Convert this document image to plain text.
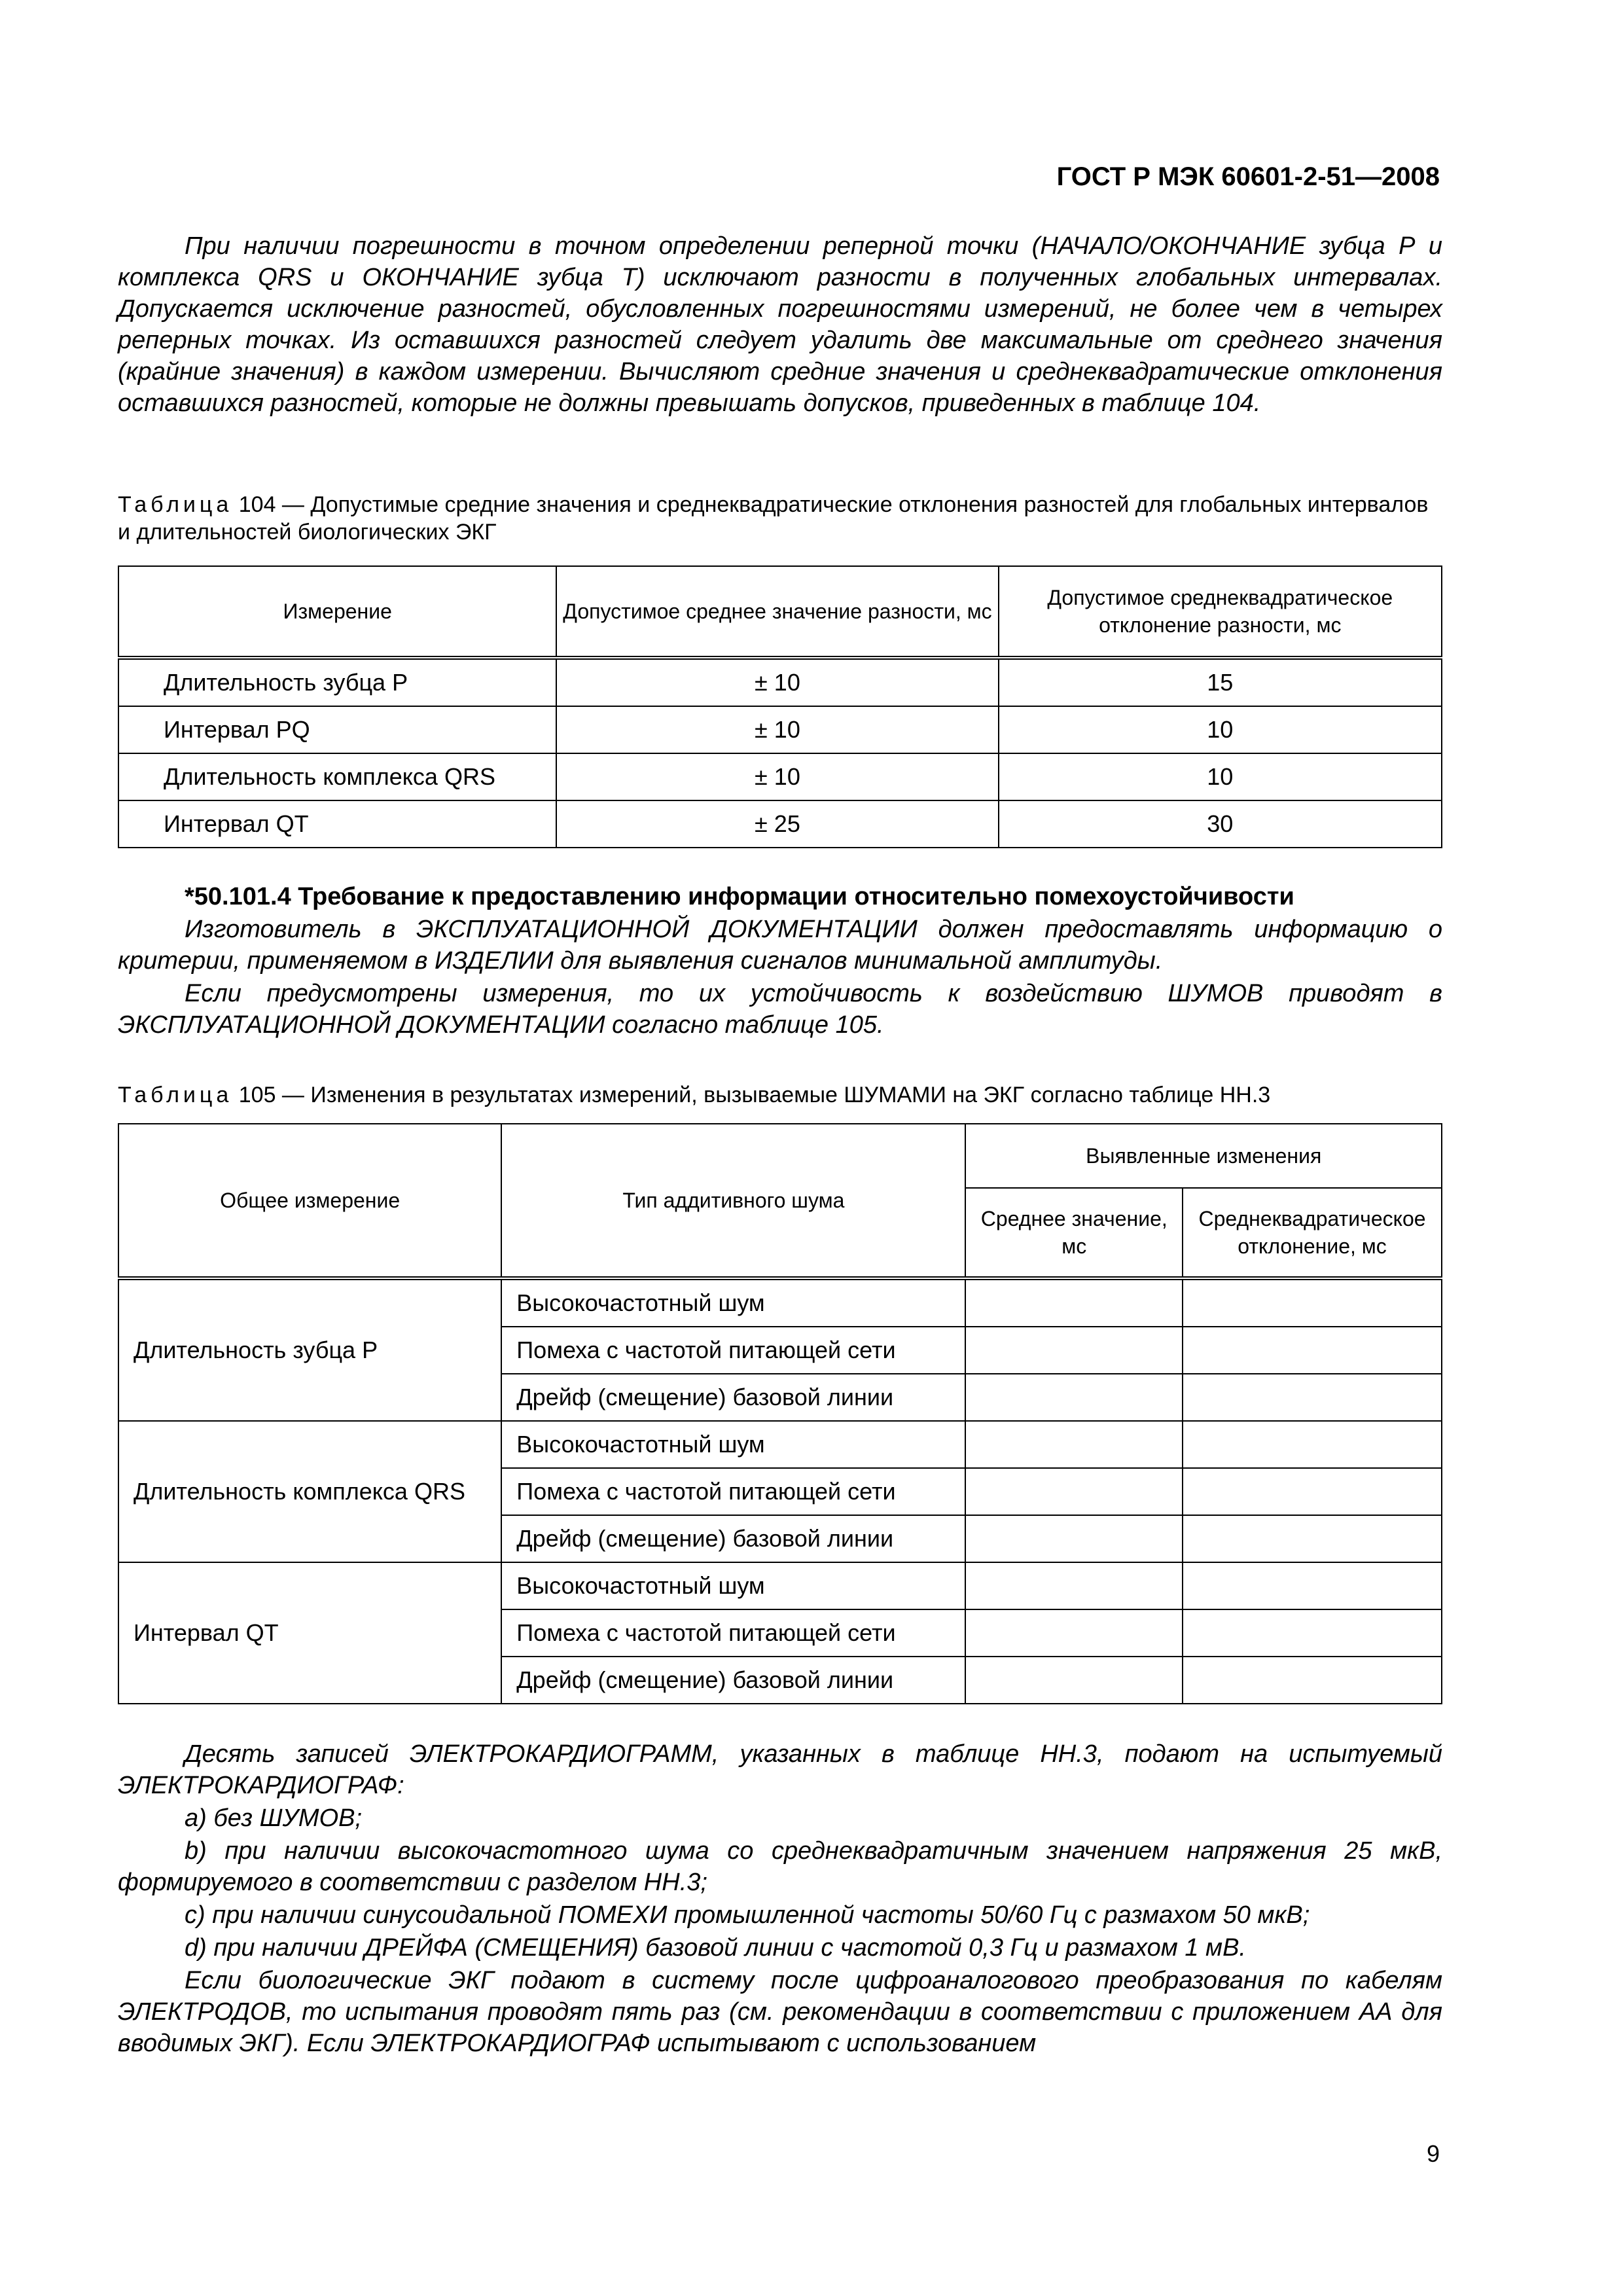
ГОСТ Р МЭК 60601-2-51—2008

При наличии погрешности в точном определении реперной точки (НАЧАЛО/ОКОНЧАНИЕ зубца Р и комплекса QRS и ОКОНЧАНИЕ зубца Т) исключают разности в полученных глобальных интервалах. Допускается исключение разностей, обусловленных погрешностями измерений, не более чем в четырех реперных точках. Из оставшихся разностей следует удалить две максимальные от среднего значения (крайние значения) в каждом измерении. Вычисляют средние значения и среднеквадратические отклонения оставшихся разностей, которые не должны превышать допусков, приведенных в таблице 104.

Таблица 104 — Допустимые средние значения и среднеквадратические отклонения разностей для глобальных интервалов и длительностей биологических ЭКГ

Измерение	Допустимое среднее значение разности, мс	Допустимое среднеквадратическое отклонение разности, мс
Длительность зубца Р	± 10	15
Интервал PQ	± 10	10
Длительность комплекса QRS	± 10	10
Интервал QT	± 25	30

*50.101.4 Требование к предоставлению информации относительно помехоустойчивости

Изготовитель в ЭКСПЛУАТАЦИОННОЙ ДОКУМЕНТАЦИИ должен предоставлять информацию о критерии, применяемом в ИЗДЕЛИИ для выявления сигналов минимальной амплитуды.

Если предусмотрены измерения, то их устойчивость к воздействию ШУМОВ приводят в ЭКСПЛУАТАЦИОННОЙ ДОКУМЕНТАЦИИ согласно таблице 105.

Таблица 105 — Изменения в результатах измерений, вызываемые ШУМАМИ на ЭКГ согласно таблице НН.3

Общее измерение	Тип аддитивного шума	Выявленные изменения	
		Среднее значение, мс	Среднеквадратическое отклонение, мс
Длительность зубца Р	Высокочастотный шум		
	Помеха с частотой питающей сети		
	Дрейф (смещение) базовой линии		
Длительность комплекса QRS	Высокочастотный шум		
	Помеха с частотой питающей сети		
	Дрейф (смещение) базовой линии		
Интервал QT	Высокочастотный шум		
	Помеха с частотой питающей сети		
	Дрейф (смещение) базовой линии		

Десять записей ЭЛЕКТРОКАРДИОГРАММ, указанных в таблице НН.3, подают на испытуемый ЭЛЕКТРОКАРДИОГРАФ:

а) без ШУМОВ;

b) при наличии высокочастотного шума со среднеквадратичным значением напряжения 25 мкВ, формируемого в соответствии с разделом НН.3;

c) при наличии синусоидальной ПОМЕХИ промышленной частоты 50/60 Гц с размахом 50 мкВ;

d) при наличии ДРЕЙФА (СМЕЩЕНИЯ) базовой линии с частотой 0,3 Гц и размахом 1 мВ.

Если биологические ЭКГ подают в систему после цифроаналогового преобразования по кабелям ЭЛЕКТРОДОВ, то испытания проводят пять раз (см. рекомендации в соответствии с приложением АА для вводимых ЭКГ). Если ЭЛЕКТРОКАРДИОГРАФ испытывают с использованием

9
